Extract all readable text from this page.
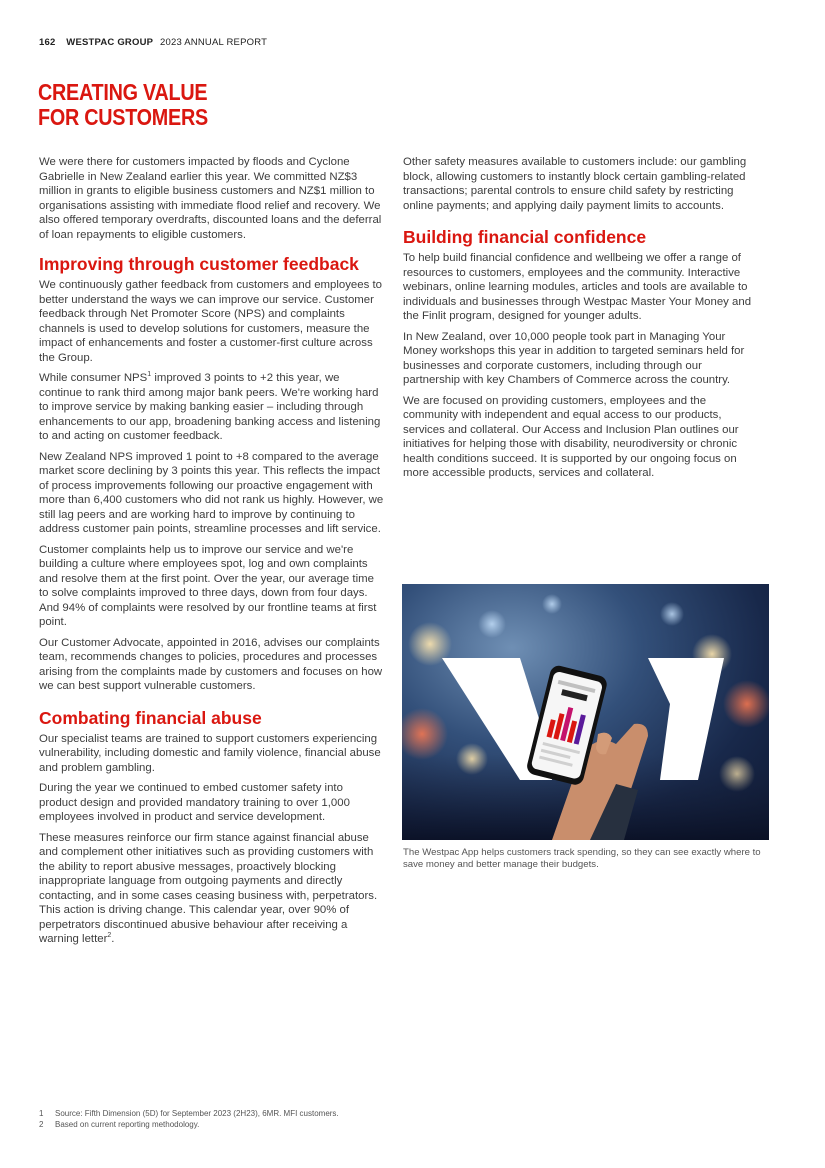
162 WESTPAC GROUP 2023 ANNUAL REPORT
CREATING VALUE
FOR CUSTOMERS

We were there for customers impacted by floods and Cyclone Gabrielle in New Zealand earlier this year. We committed NZ$3 million in grants to eligible business customers and NZ$1 million to organisations assisting with immediate flood relief and recovery. We also offered temporary overdrafts, discounted loans and the deferral of loan repayments to eligible customers.

Improving through customer feedback

We continuously gather feedback from customers and employees to better understand the ways we can improve our service. Customer feedback through Net Promoter Score (NPS) and complaints channels is used to develop solutions for customers, measure the impact of enhancements and foster a customer-first culture across the Group.

While consumer NPS$^1$ improved 3 points to +2 this year, we continue to rank third among major bank peers. We're working hard to improve service by making banking easier – including through enhancements to our app, broadening banking access and listening to and acting on customer feedback.

New Zealand NPS improved 1 point to +8 compared to the average market score declining by 3 points this year. This reflects the impact of process improvements following our proactive engagement with more than 6,400 customers who did not rank us highly. However, we still lag peers and are working hard to improve by continuing to address customer pain points, streamline processes and lift service.

Customer complaints help us to improve our service and we're building a culture where employees spot, log and own complaints and resolve them at the first point. Over the year, our average time to solve complaints improved to three days, down from four days. And 94% of complaints were resolved by our frontline teams at first point.

Our Customer Advocate, appointed in 2016, advises our complaints team, recommends changes to policies, procedures and processes arising from the complaints made by customers and focuses on how we can best support vulnerable customers.

Combating financial abuse

Our specialist teams are trained to support customers experiencing vulnerability, including domestic and family violence, financial abuse and problem gambling.

During the year we continued to embed customer safety into product design and provided mandatory training to over 1,000 employees involved in product and service development.

These measures reinforce our firm stance against financial abuse and complement other initiatives such as providing customers with the ability to report abusive messages, proactively blocking inappropriate language from outgoing payments and directly contacting, and in some cases ceasing business with, perpetrators. This action is driving change. This calendar year, over 90% of perpetrators discontinued abusive behaviour after receiving a warning letter$^2$.

Other safety measures available to customers include: our gambling block, allowing customers to instantly block certain gambling-related transactions; parental controls to ensure child safety by restricting online payments; and applying daily payment limits to accounts.

Building financial confidence

To help build financial confidence and wellbeing we offer a range of resources to customers, employees and the community. Interactive webinars, online learning modules, articles and tools are available to individuals and businesses through Westpac Master Your Money and the Finlit program, designed for younger adults.

In New Zealand, over 10,000 people took part in Managing Your Money workshops this year in addition to targeted seminars held for businesses and corporate customers, including through our partnership with key Chambers of Commerce across the country.

We are focused on providing customers, employees and the community with independent and equal access to our products, services and collateral. Our Access and Inclusion Plan outlines our initiatives for helping those with disability, neurodiversity or chronic health conditions succeed. It is supported by our ongoing focus on more accessible products, services and collateral.

The Westpac App helps customers track spending, so they can see exactly where to save money and better manage their budgets.

1	Source: Fifth Dimension (5D) for September 2023 (2H23), 6MR. MFI customers.
2	Based on current reporting methodology.
